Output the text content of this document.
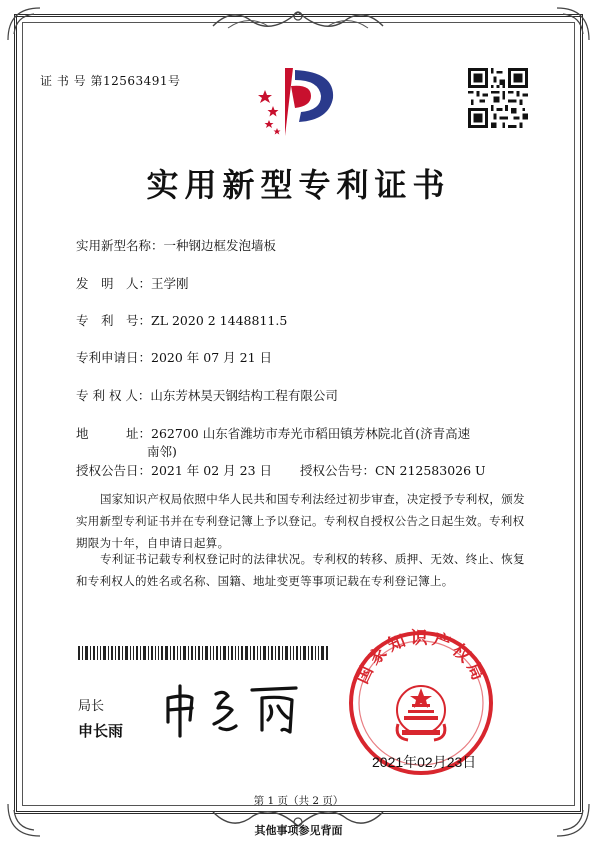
证 书 号 第12563491号
实用新型专利证书
实用新型名称：一种钢边框发泡墙板
发　明　人：王学刚
专　利　号：ZL 2020 2 1448811.5
专利申请日：2020 年 07 月 21 日
专 利 权 人：山东芳林昊天钢结构工程有限公司
地　　　址：262700 山东省潍坊市寿光市稻田镇芳林院北首(济青高速
南邻)
授权公告日：2021 年 02 月 23 日 授权公告号：CN 212583026 U
国家知识产权局依照中华人民共和国专利法经过初步审查，决定授予专利权，颁发实用新型专利证书并在专利登记簿上予以登记。专利权自授权公告之日起生效。专利权期限为十年，自申请日起算。
专利证书记载专利权登记时的法律状况。专利权的转移、质押、无效、终止、恢复和专利权人的姓名或名称、国籍、地址变更等事项记载在专利登记簿上。
局长
申长雨
国家知识产权局
2021年02月23日
第 1 页（共 2 页）
其他事项参见背面
